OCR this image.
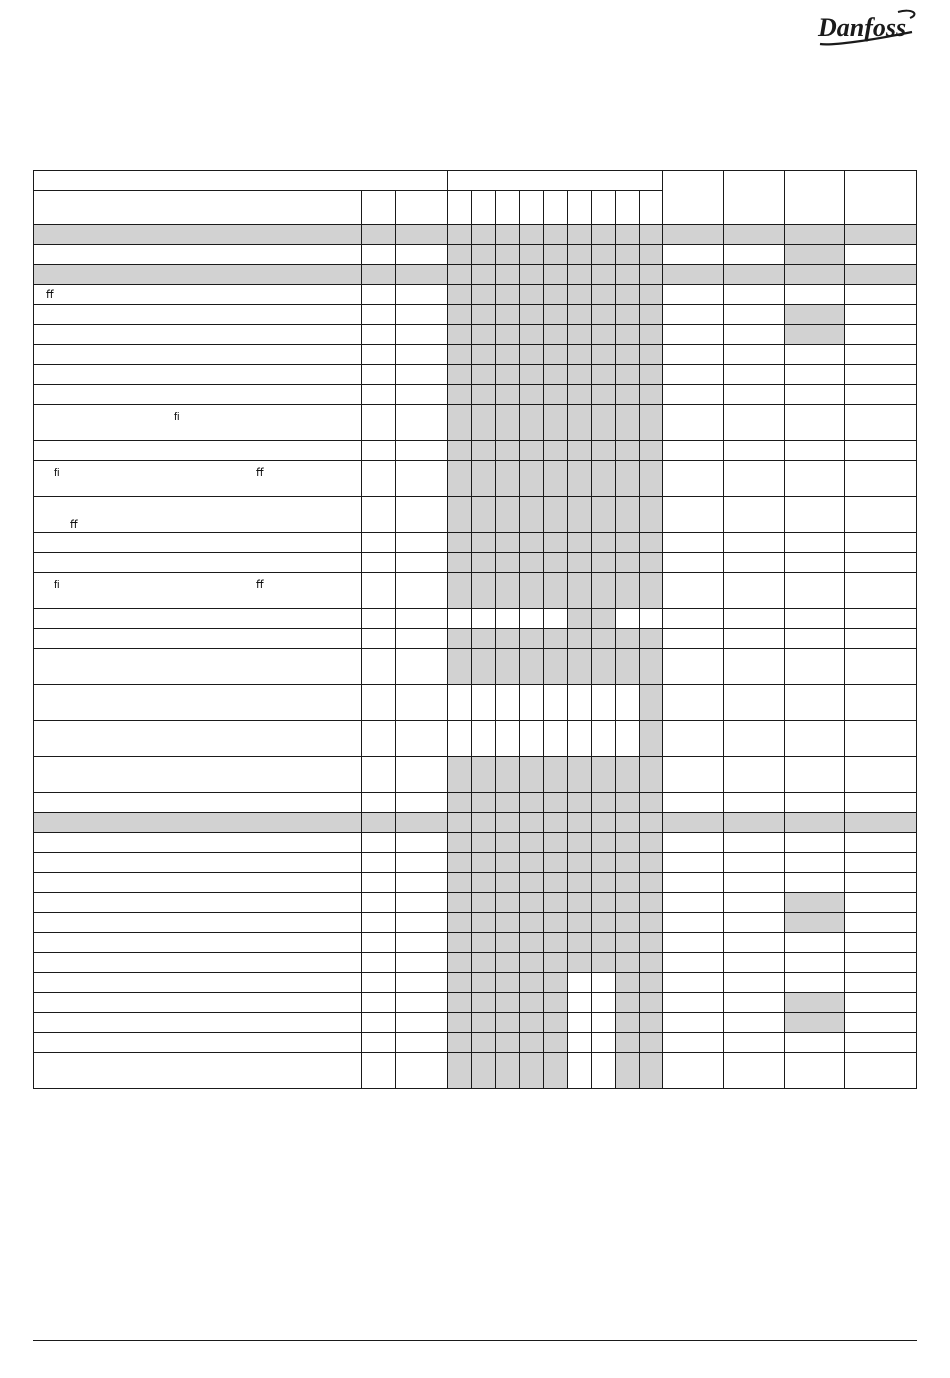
Danfoss

ﬀ															

ﬁ															

ﬁ ﬀ															

ﬀ															

ﬁ ﬀ															
